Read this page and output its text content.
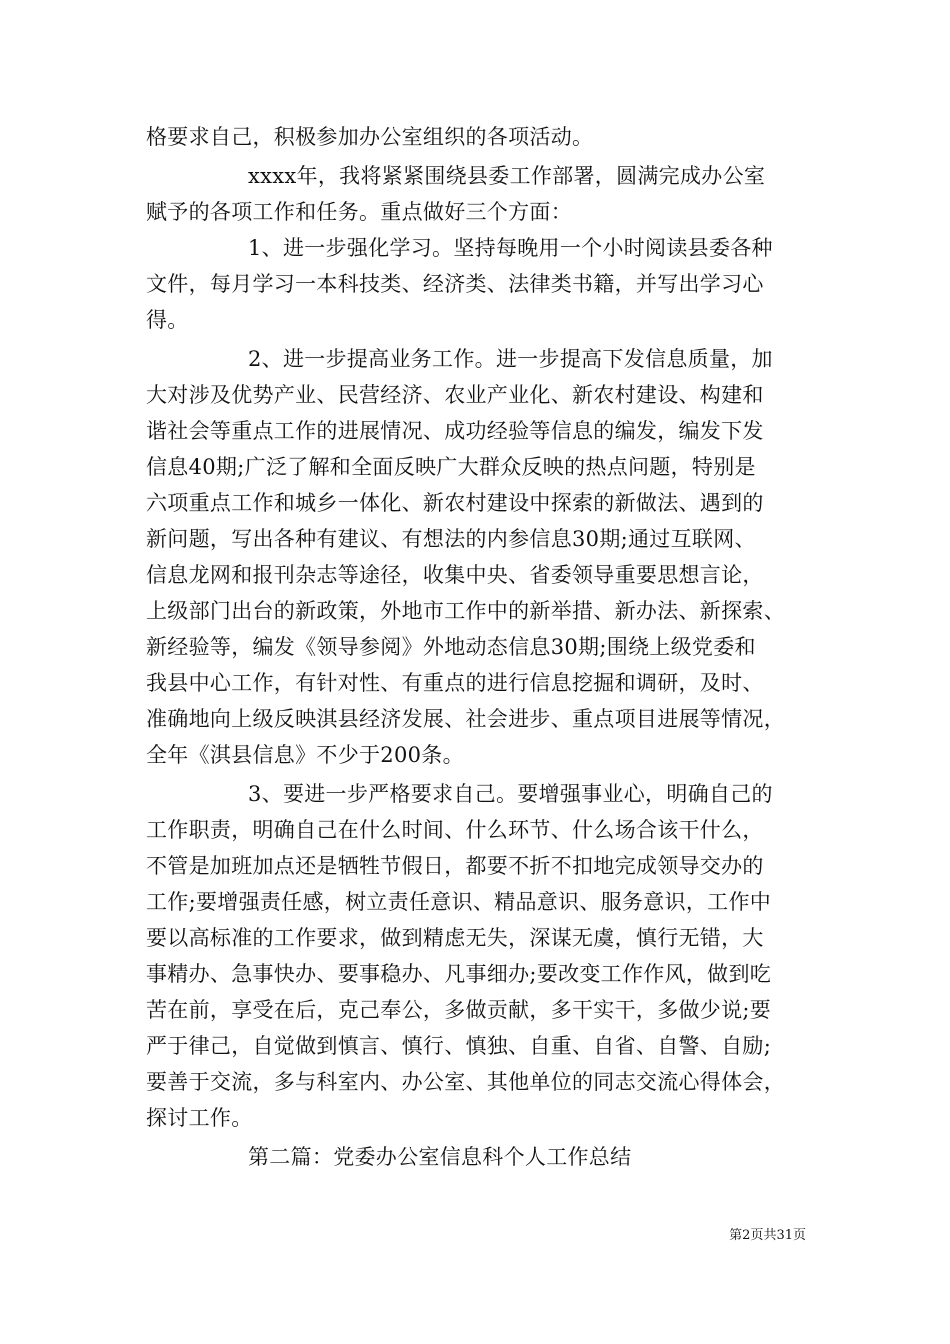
格要求自己，积极参加办公室组织的各项活动。
xxxx年，我将紧紧围绕县委工作部署，圆满完成办公室
赋予的各项工作和任务。重点做好三个方面：
1、进一步强化学习。坚持每晚用一个小时阅读县委各种
文件，每月学习一本科技类、经济类、法律类书籍，并写出学习心
得。
2、进一步提高业务工作。进一步提高下发信息质量，加
大对涉及优势产业、民营经济、农业产业化、新农村建设、构建和
谐社会等重点工作的进展情况、成功经验等信息的编发，编发下发
信息40期;广泛了解和全面反映广大群众反映的热点问题，特别是
六项重点工作和城乡一体化、新农村建设中探索的新做法、遇到的
新问题，写出各种有建议、有想法的内参信息30期;通过互联网、
信息龙网和报刊杂志等途径，收集中央、省委领导重要思想言论，
上级部门出台的新政策，外地市工作中的新举措、新办法、新探索、
新经验等，编发《领导参阅》外地动态信息30期;围绕上级党委和
我县中心工作，有针对性、有重点的进行信息挖掘和调研，及时、
准确地向上级反映淇县经济发展、社会进步、重点项目进展等情况，
全年《淇县信息》不少于200条。
3、要进一步严格要求自己。要增强事业心，明确自己的
工作职责，明确自己在什么时间、什么环节、什么场合该干什么，
不管是加班加点还是牺牲节假日，都要不折不扣地完成领导交办的
工作;要增强责任感，树立责任意识、精品意识、服务意识，工作中
要以高标准的工作要求，做到精虑无失，深谋无虞，慎行无错，大
事精办、急事快办、要事稳办、凡事细办;要改变工作作风，做到吃
苦在前，享受在后，克己奉公，多做贡献，多干实干，多做少说;要
严于律己，自觉做到慎言、慎行、慎独、自重、自省、自警、自励;
要善于交流，多与科室内、办公室、其他单位的同志交流心得体会，
探讨工作。
第二篇：党委办公室信息科个人工作总结
第2页共31页
